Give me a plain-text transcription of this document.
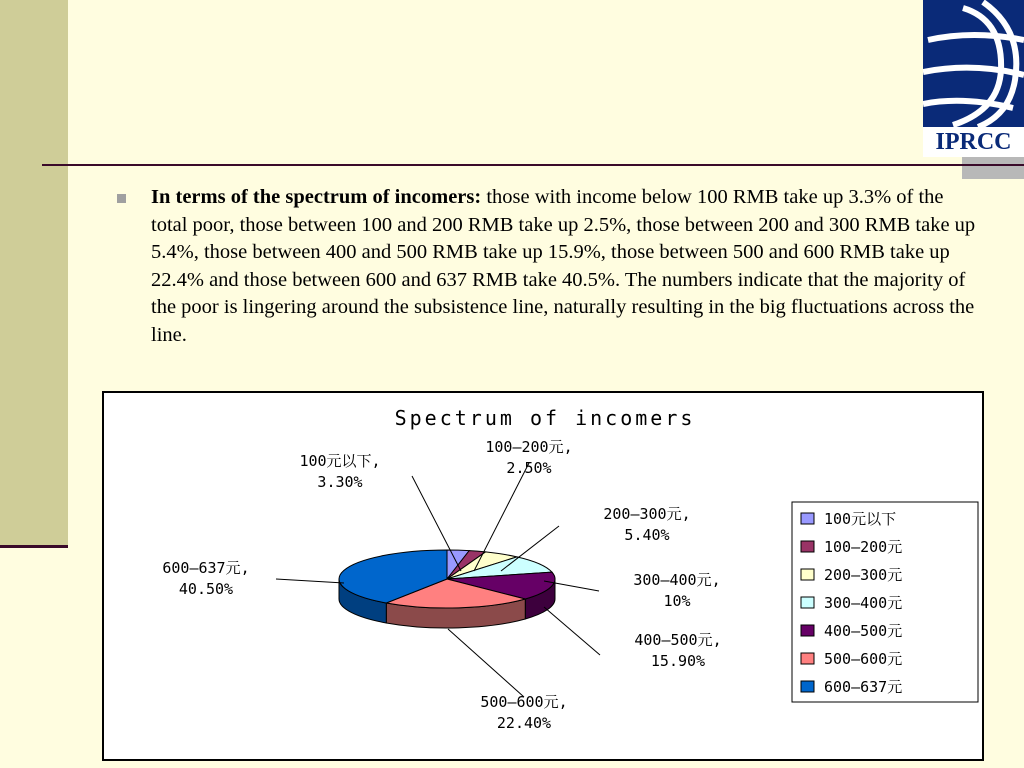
IPRCC
In terms of the spectrum of incomers: those with income below 100 RMB take up 3.3% of the total poor, those between 100 and 200 RMB take up 2.5%, those between 200 and 300 RMB take up 5.4%, those between 400 and 500 RMB take up 15.9%, those between 500 and 600 RMB take up 22.4% and those between 600 and 637 RMB take 40.5%. The numbers indicate that the majority of the poor is lingering around the subsistence line, naturally resulting in the big fluctuations across the line.
Spectrum of incomers
100元以下,
3.30%
100—200元,
2.50%
200—300元,
5.40%
300—400元,
10%
400—500元,
15.90%
500—600元,
22.40%
600—637元,
40.50%
100元以下
100—200元
200—300元
300—400元
400—500元
500—600元
600—637元
